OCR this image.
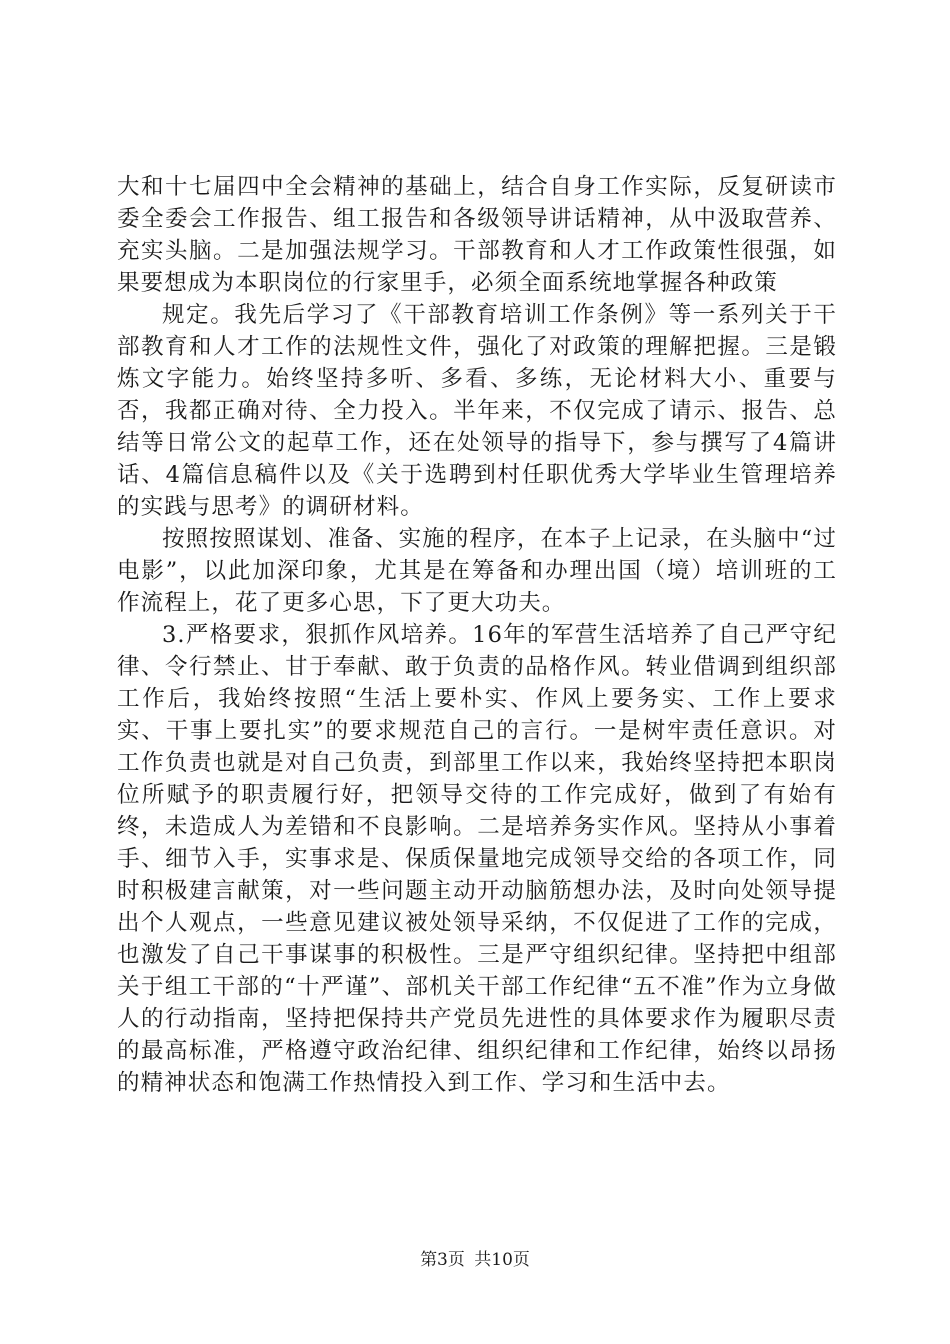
大和十七届四中全会精神的基础上，结合自身工作实际，反复研读市委全委会工作报告、组工报告和各级领导讲话精神，从中汲取营养、充实头脑。二是加强法规学习。干部教育和人才工作政策性很强，如果要想成为本职岗位的行家里手，必须全面系统地掌握各种政策

规定。我先后学习了《干部教育培训工作条例》等一系列关于干部教育和人才工作的法规性文件，强化了对政策的理解把握。三是锻炼文字能力。始终坚持多听、多看、多练，无论材料大小、重要与否，我都正确对待、全力投入。半年来，不仅完成了请示、报告、总结等日常公文的起草工作，还在处领导的指导下，参与撰写了4篇讲话、4篇信息稿件以及《关于选聘到村任职优秀大学毕业生管理培养的实践与思考》的调研材料。

按照按照谋划、准备、实施的程序，在本子上记录，在头脑中“过电影”，以此加深印象，尤其是在筹备和办理出国（境）培训班的工作流程上，花了更多心思，下了更大功夫。

3.严格要求，狠抓作风培养。16年的军营生活培养了自己严守纪律、令行禁止、甘于奉献、敢于负责的品格作风。转业借调到组织部工作后，我始终按照“生活上要朴实、作风上要务实、工作上要求实、干事上要扎实”的要求规范自己的言行。一是树牢责任意识。对工作负责也就是对自己负责，到部里工作以来，我始终坚持把本职岗位所赋予的职责履行好，把领导交待的工作完成好，做到了有始有终，未造成人为差错和不良影响。二是培养务实作风。坚持从小事着手、细节入手，实事求是、保质保量地完成领导交给的各项工作，同时积极建言献策，对一些问题主动开动脑筋想办法，及时向处领导提出个人观点，一些意见建议被处领导采纳，不仅促进了工作的完成，也激发了自己干事谋事的积极性。三是严守组织纪律。坚持把中组部关于组工干部的“十严谨”、部机关干部工作纪律“五不准”作为立身做人的行动指南，坚持把保持共产党员先进性的具体要求作为履职尽责的最高标准，严格遵守政治纪律、组织纪律和工作纪律，始终以昂扬的精神状态和饱满工作热情投入到工作、学习和生活中去。

第3页 共10页
